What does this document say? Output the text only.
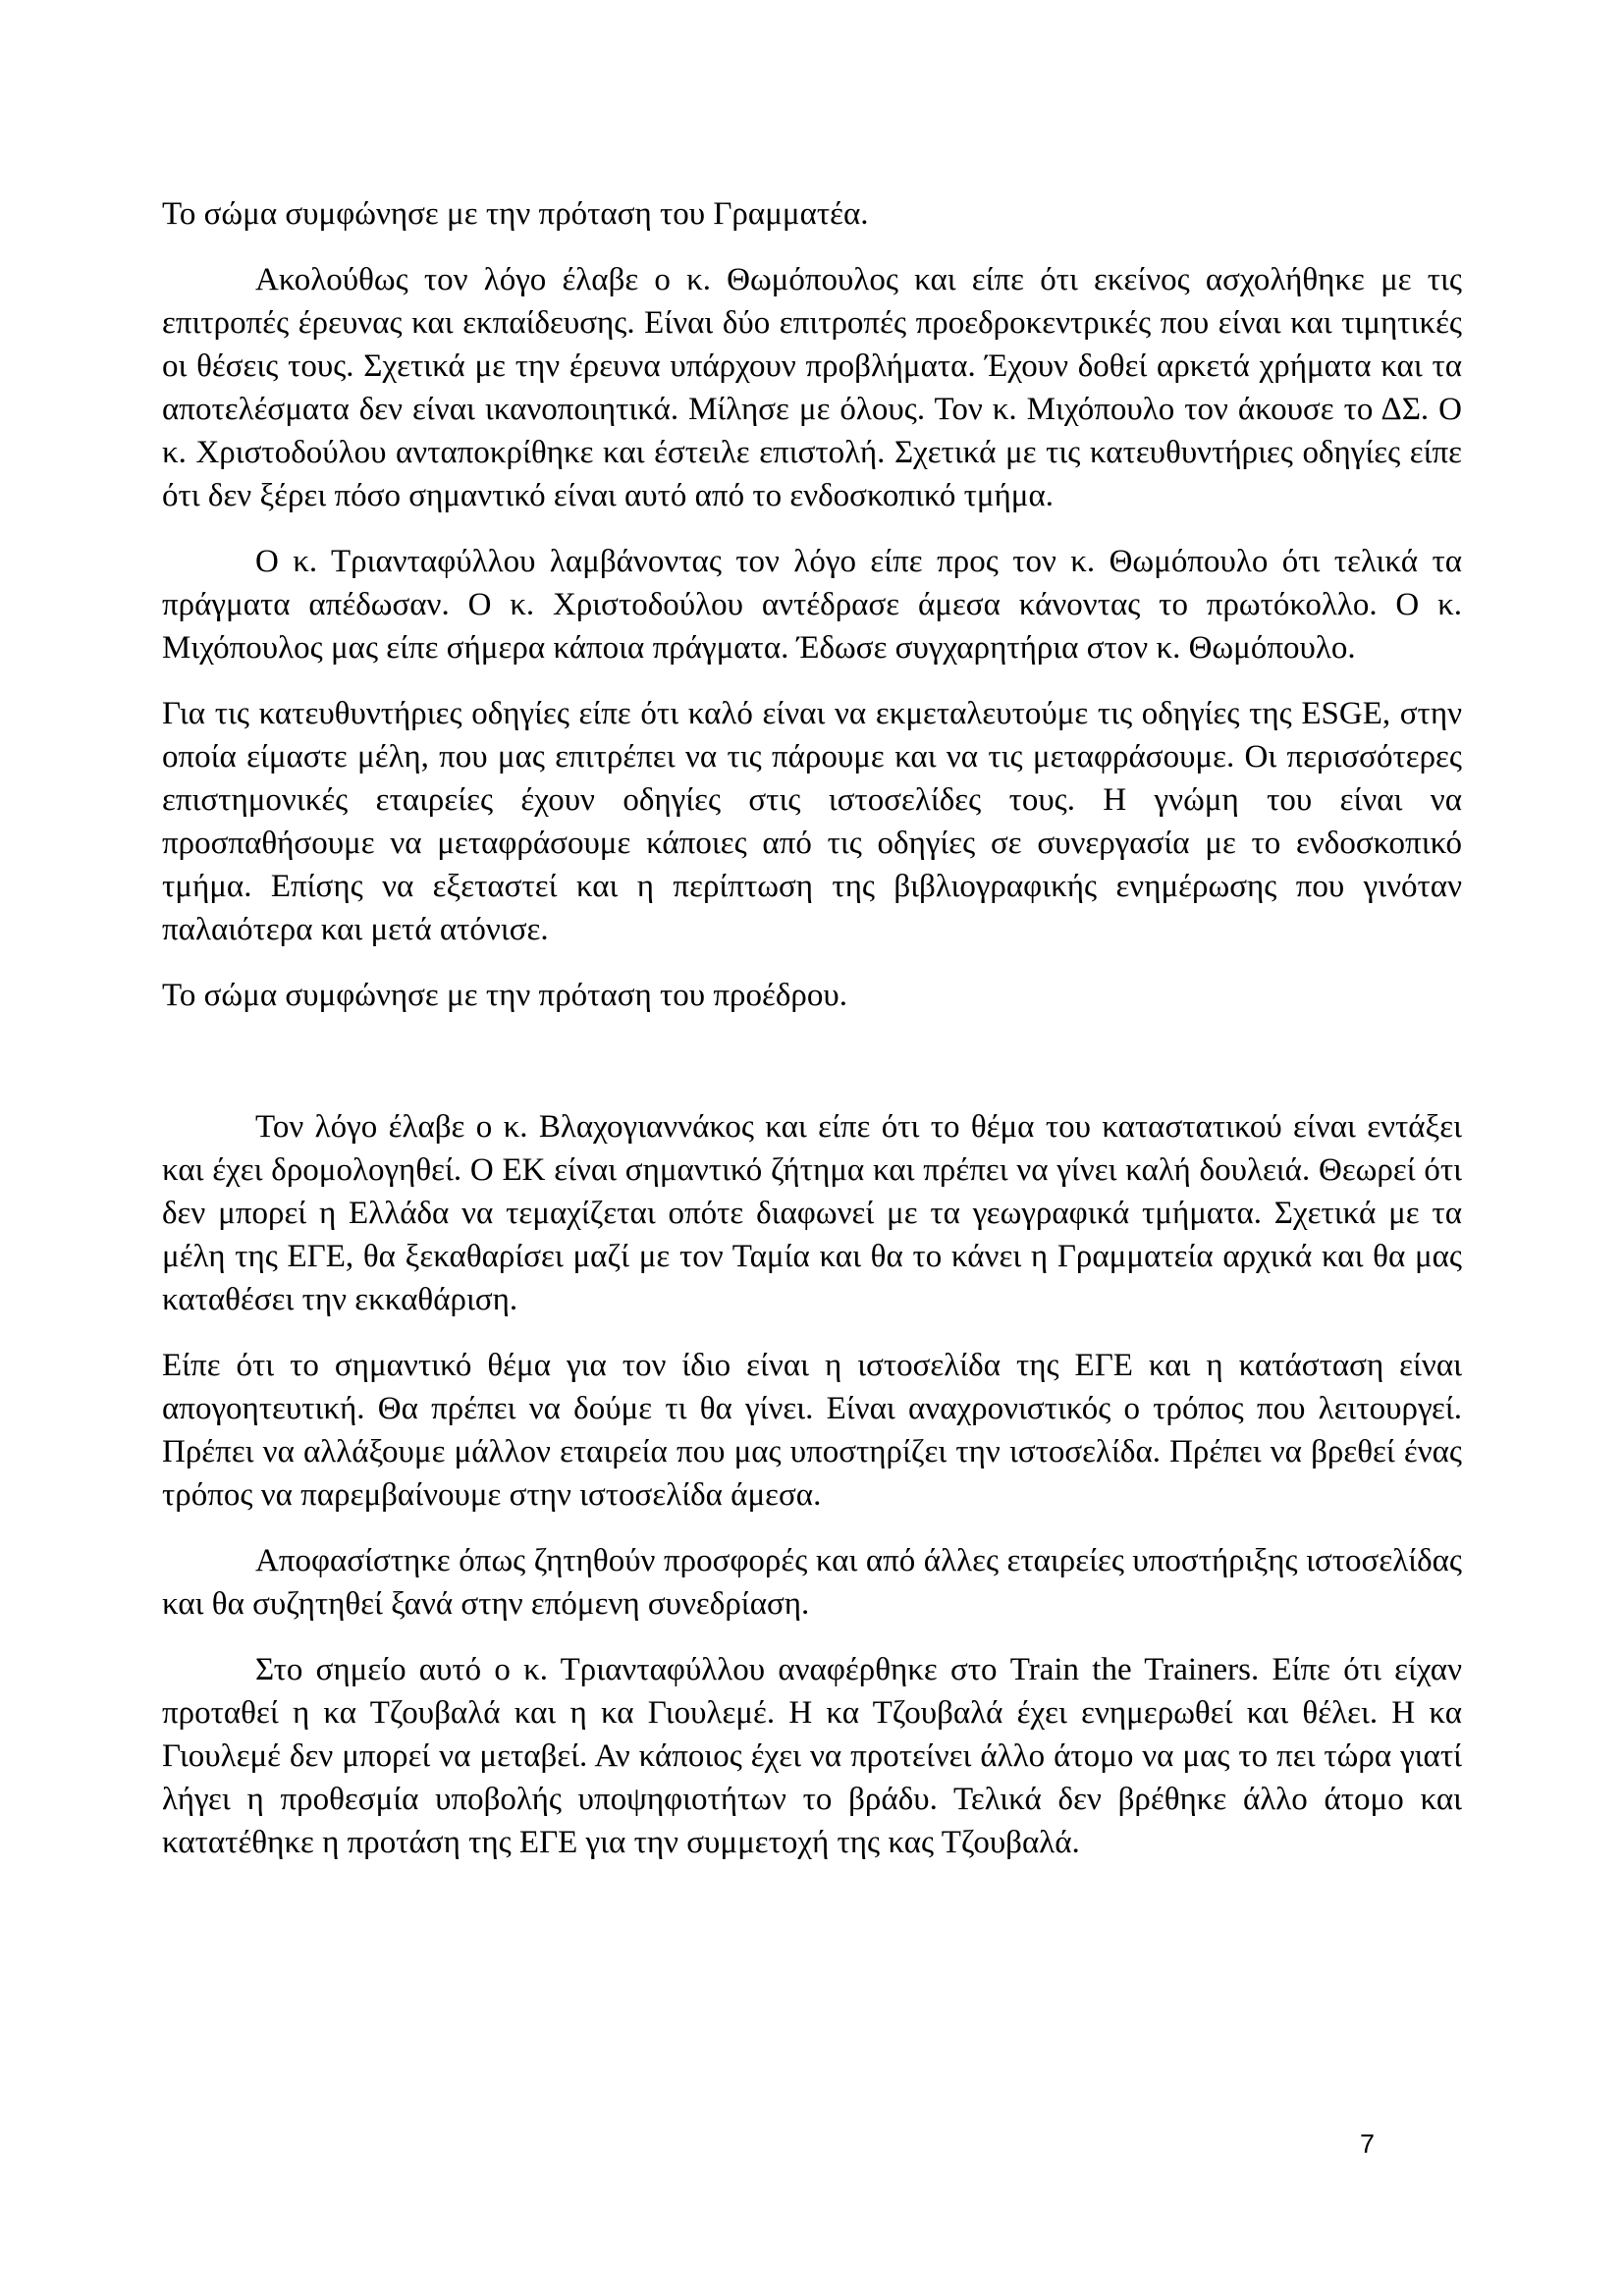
Το σώμα συμφώνησε με την πρόταση του Γραμματέα.

Ακολούθως τον λόγο έλαβε ο κ. Θωμόπουλος και είπε ότι εκείνος ασχολήθηκε με τις επιτροπές έρευνας και εκπαίδευσης. Είναι δύο επιτροπές προεδροκεντρικές που είναι και τιμητικές οι θέσεις τους. Σχετικά με την έρευνα υπάρχουν προβλήματα. Έχουν δοθεί αρκετά χρήματα και τα αποτελέσματα δεν είναι ικανοποιητικά. Μίλησε με όλους. Τον κ. Μιχόπουλο τον άκουσε το ΔΣ. Ο κ. Χριστοδούλου ανταποκρίθηκε και έστειλε επιστολή. Σχετικά με τις κατευθυντήριες οδηγίες είπε ότι δεν ξέρει πόσο σημαντικό είναι αυτό από το ενδοσκοπικό τμήμα.

Ο κ. Τριανταφύλλου λαμβάνοντας τον λόγο είπε προς τον κ. Θωμόπουλο ότι τελικά τα πράγματα απέδωσαν. Ο κ. Χριστοδούλου αντέδρασε άμεσα κάνοντας το πρωτόκολλο. Ο κ. Μιχόπουλος μας είπε σήμερα κάποια πράγματα. Έδωσε συγχαρητήρια στον κ. Θωμόπουλο.

Για τις κατευθυντήριες οδηγίες είπε ότι καλό είναι να εκμεταλευτούμε τις οδηγίες της ESGE, στην οποία είμαστε μέλη, που μας επιτρέπει να τις πάρουμε και να τις μεταφράσουμε. Οι περισσότερες επιστημονικές εταιρείες έχουν οδηγίες στις ιστοσελίδες τους. Η γνώμη του είναι να προσπαθήσουμε να μεταφράσουμε κάποιες από τις οδηγίες σε συνεργασία με το ενδοσκοπικό τμήμα. Επίσης να εξεταστεί και η περίπτωση της βιβλιογραφικής ενημέρωσης που γινόταν παλαιότερα και μετά ατόνισε.

Το σώμα συμφώνησε με την πρόταση του προέδρου.

Τον λόγο έλαβε ο κ. Βλαχογιαννάκος και είπε ότι το θέμα του καταστατικού είναι εντάξει και έχει δρομολογηθεί. Ο ΕΚ είναι σημαντικό ζήτημα και πρέπει να γίνει καλή δουλειά. Θεωρεί ότι δεν μπορεί η Ελλάδα να τεμαχίζεται οπότε διαφωνεί με τα γεωγραφικά τμήματα. Σχετικά με τα μέλη της ΕΓΕ, θα ξεκαθαρίσει μαζί με τον Ταμία και θα το κάνει η Γραμματεία αρχικά και θα μας καταθέσει την εκκαθάριση.

Είπε ότι το σημαντικό θέμα για τον ίδιο είναι η ιστοσελίδα της ΕΓΕ και η κατάσταση είναι απογοητευτική. Θα πρέπει να δούμε τι θα γίνει. Είναι αναχρονιστικός ο τρόπος που λειτουργεί. Πρέπει να αλλάξουμε μάλλον εταιρεία που μας υποστηρίζει την ιστοσελίδα. Πρέπει να βρεθεί ένας τρόπος να παρεμβαίνουμε στην ιστοσελίδα άμεσα.

Αποφασίστηκε όπως ζητηθούν προσφορές και από άλλες εταιρείες υποστήριξης ιστοσελίδας και θα συζητηθεί ξανά στην επόμενη συνεδρίαση.

Στο σημείο αυτό ο κ. Τριανταφύλλου αναφέρθηκε στο Train the Trainers. Είπε ότι είχαν προταθεί η κα Τζουβαλά και η κα Γιουλεμέ. Η κα Τζουβαλά έχει ενημερωθεί και θέλει. Η κα Γιουλεμέ δεν μπορεί να μεταβεί. Αν κάποιος έχει να προτείνει άλλο άτομο να μας το πει τώρα γιατί λήγει η προθεσμία υποβολής υποψηφιοτήτων το βράδυ. Τελικά δεν βρέθηκε άλλο άτομο και κατατέθηκε η προτάση της ΕΓΕ για την συμμετοχή της κας Τζουβαλά.

7
